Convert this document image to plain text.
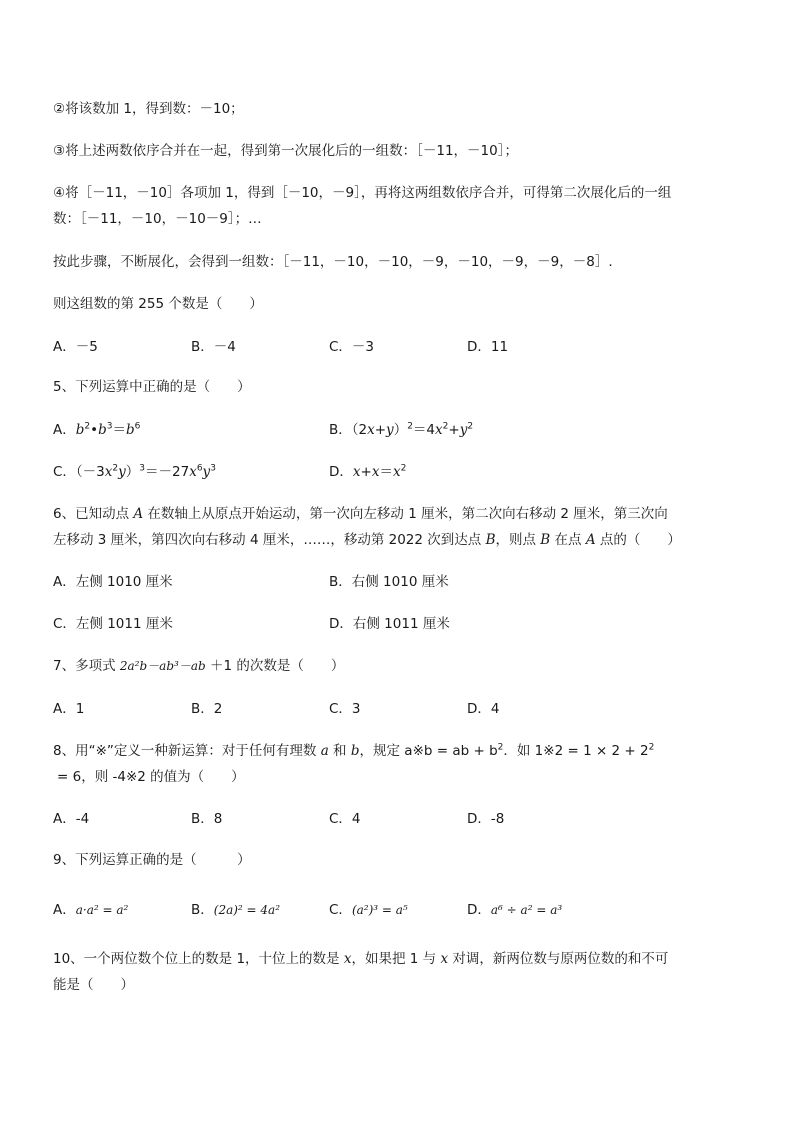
②将该数加 1，得到数：－10；
③将上述两数依序合并在一起，得到第一次展化后的一组数：［－11，－10］；
④将［－11，－10］各项加 1，得到［－10，－9］，再将这两组数依序合并，可得第二次展化后的一组
数：［－11，－10，－10－9］；…
按此步骤，不断展化，会得到一组数：［－11，－10，－10，－9，－10，－9，－9，－8］.
则这组数的第 255 个数是（　　）
A．－5	B．－4	C．－3	D．11
5、下列运算中正确的是（　　）
A．$b^2•b^3=b^6$	B．$(2x+y)^2=4x^2+y^2$
C．$(-3x^2y)^3=-27x^6y^3$	D．$x+x=x^2$
6、已知动点 A 在数轴上从原点开始运动，第一次向左移动 1 厘米，第二次向右移动 2 厘米，第三次向
左移动 3 厘米，第四次向右移动 4 厘米，……，移动第 2022 次到达点 B，则点 B 在点 A 点的（　　）
A．左侧 1010 厘米	B．右侧 1010 厘米
C．左侧 1011 厘米	D．右侧 1011 厘米
7、多项式 2a²b－ab³－ab ＋1 的次数是（　　）
A．1	B．2	C．3	D．4
8、用“※”定义一种新运算：对于任何有理数 a 和 b，规定 a※b = ab + $b^2$．如 1※2 = $1 \times 2 + 2^2$
= 6，则 -4※2 的值为（　　）
A．-4	B．8	C．4	D．-8
9、下列运算正确的是（　　　）
A．a·a² = a²	B．(2a)² = 4a²	C．(a²)³ = a⁵	D．a⁶ ÷ a² = a³
10、一个两位数个位上的数是 1，十位上的数是 x，如果把 1 与 x 对调，新两位数与原两位数的和不可
能是（　　）
